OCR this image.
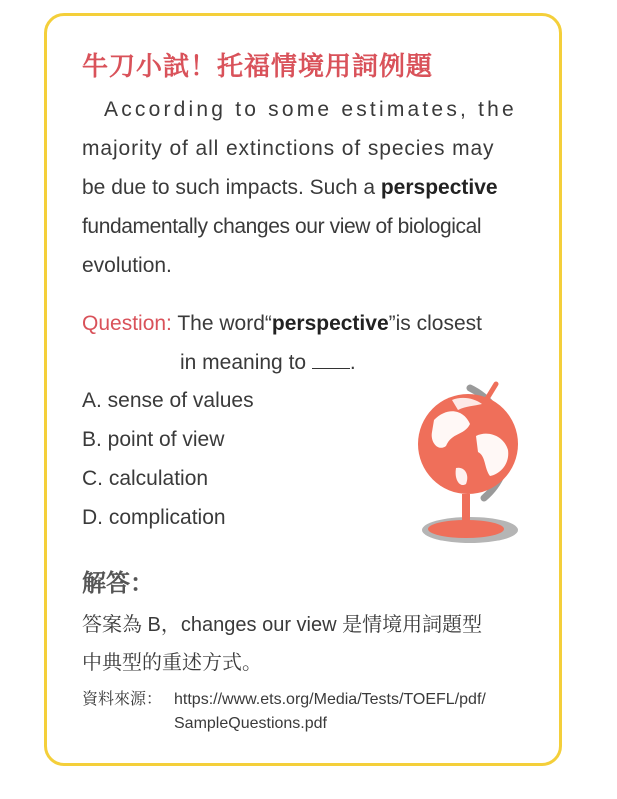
牛刀小試！托福情境用詞例題
According to some estimates, the
majority of all extinctions of species may
be due to such impacts. Such a perspective
fundamentally changes our view of biological
evolution.
Question: The word“perspective”is closest
in meaning to .
A. sense of values
B. point of view
C. calculation
D. complication
解答：
答案為 B，changes our view 是情境用詞題型
中典型的重述方式。
資料來源： https://www.ets.org/Media/Tests/TOEFL/pdf/
SampleQuestions.pdf
